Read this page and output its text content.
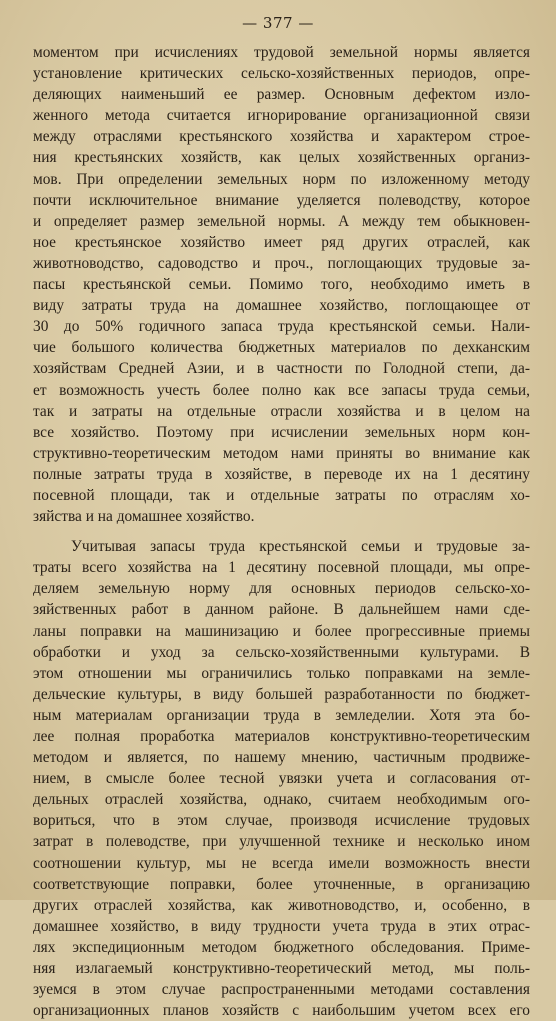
— 377 —
моментом при исчислениях трудовой земельной нормы является
установление критических сельско-хозяйственных периодов, опре-
деляющих наименьший ее размер. Основным дефектом изло-
женного метода считается игнорирование организационной связи
между отраслями крестьянского хозяйства и характером строе-
ния крестьянских хозяйств, как целых хозяйственных организ-
мов. При определении земельных норм по изложенному методу
почти исключительное внимание уделяется полеводству, которое
и определяет размер земельной нормы. А между тем обыкновен-
ное крестьянское хозяйство имеет ряд других отраслей, как
животноводство, садоводство и проч., поглощающих трудовые за-
пасы крестьянской семьи. Помимо того, необходимо иметь в
виду затраты труда на домашнее хозяйство, поглощающее от
30 до 50% годичного запаса труда крестьянской семьи. Нали-
чие большого количества бюджетных материалов по дехканским
хозяйствам Средней Азии, и в частности по Голодной степи, да-
ет возможность учесть более полно как все запасы труда семьи,
так и затраты на отдельные отрасли хозяйства и в целом на
все хозяйство. Поэтому при исчислении земельных норм кон-
структивно-теоретическим методом нами приняты во внимание как
полные затраты труда в хозяйстве, в переводе их на 1 десятину
посевной площади, так и отдельные затраты по отраслям хо-
зяйства и на домашнее хозяйство.
Учитывая запасы труда крестьянской семьи и трудовые за-
траты всего хозяйства на 1 десятину посевной площади, мы опре-
деляем земельную норму для основных периодов сельско-хо-
зяйственных работ в данном районе. В дальнейшем нами сде-
ланы поправки на машинизацию и более прогрессивные приемы
обработки и уход за сельско-хозяйственными культурами. В
этом отношении мы ограничились только поправками на земле-
дельческие культуры, в виду большей разработанности по бюджет-
ным материалам организации труда в земледелии. Хотя эта бо-
лее полная проработка материалов конструктивно-теоретическим
методом и является, по нашему мнению, частичным продвиже-
нием, в смысле более тесной увязки учета и согласования от-
дельных отраслей хозяйства, однако, считаем необходимым ого-
вориться, что в этом случае, производя исчисление трудовых
затрат в полеводстве, при улучшенной технике и несколько ином
соотношении культур, мы не всегда имели возможность внести
соответствующие поправки, более уточненные, в организацию
других отраслей хозяйства, как животноводство, и, особенно, в
домашнее хозяйство, в виду трудности учета труда в этих отрас-
лях экспедиционным методом бюджетного обследования. Приме-
няя излагаемый конструктивно-теоретический метод, мы поль-
зуемся в этом случае распространенными методами составления
организационных планов хозяйств с наибольшим учетом всех его
